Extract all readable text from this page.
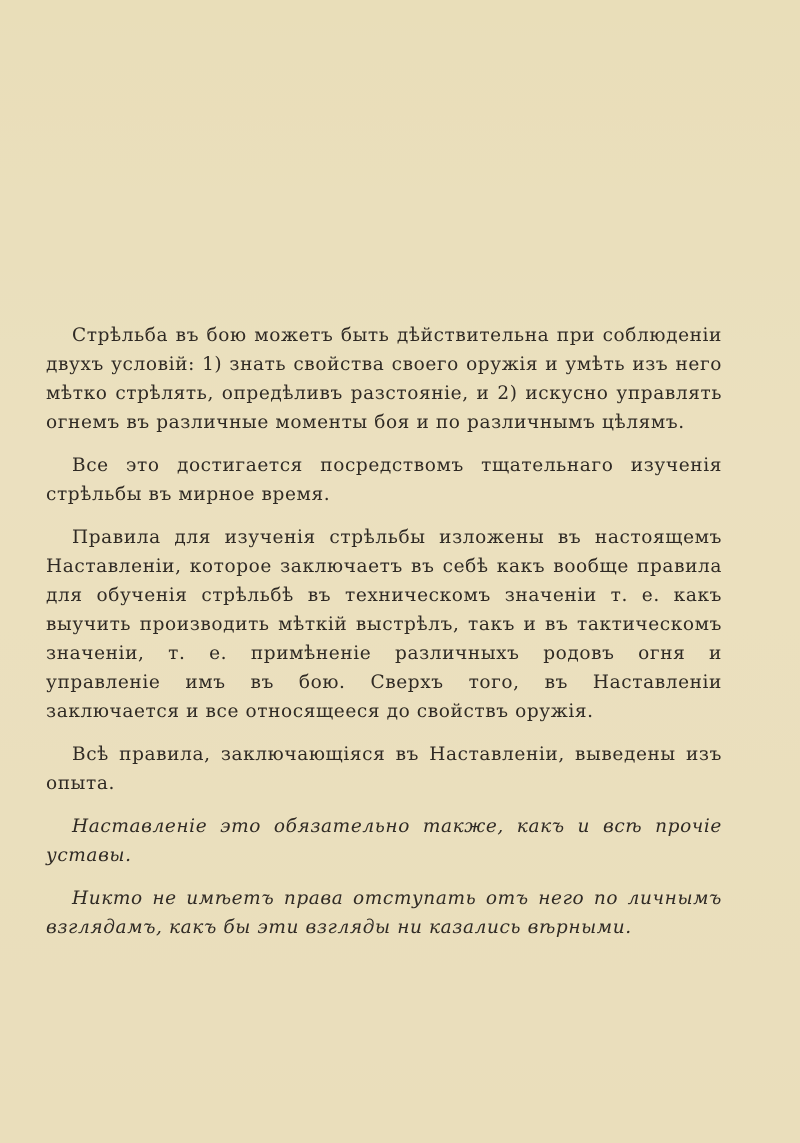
Стрѣльба въ бою можетъ быть дѣйствительна при соблюденіи двухъ условій: 1) знать свойства своего оружія и умѣть изъ него мѣтко стрѣлять, опредѣливъ разстояніе, и 2) искусно управлять огнемъ въ различные моменты боя и по различнымъ цѣлямъ.

Все это достигается посредствомъ тщательнаго изученія стрѣльбы въ мирное время.

Правила для изученія стрѣльбы изложены въ настоящемъ Наставленіи, которое заключаетъ въ себѣ какъ вообще правила для обученія стрѣльбѣ въ техническомъ значеніи т. е. какъ выучить производить мѣткій выстрѣлъ, такъ и въ тактическомъ значеніи, т. е. примѣненіе различныхъ родовъ огня и управленіе имъ въ бою. Сверхъ того, въ Наставленіи заключается и все относящееся до свойствъ оружія.

Всѣ правила, заключающіяся въ Наставленіи, выведены изъ опыта.

Наставленіе это обязательно также, какъ и всѣ прочіе уставы.

Никто не имѣетъ права отступать отъ него по личнымъ взглядамъ, какъ бы эти взгляды ни казались вѣрными.
